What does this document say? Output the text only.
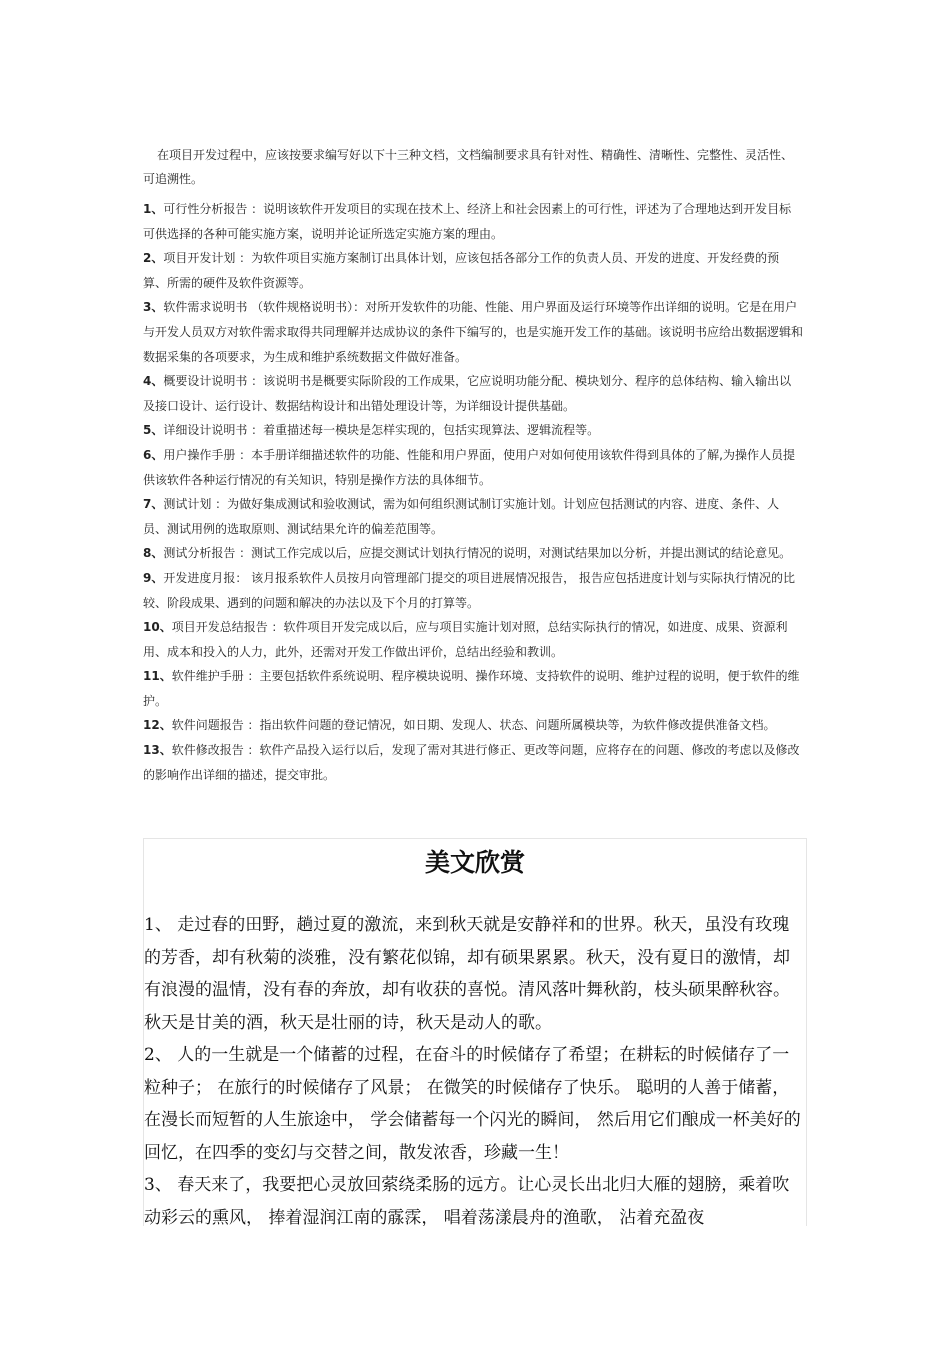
在项目开发过程中，应该按要求编写好以下十三种文档，文档编制要求具有针对性、精确性、清晰性、完整性、灵活性、可追溯性。

1、可行性分析报告 ：说明该软件开发项目的实现在技术上、经济上和社会因素上的可行性，评述为了合理地达到开发目标可供选择的各种可能实施方案，说明并论证所选定实施方案的理由。

2、项目开发计划 ：为软件项目实施方案制订出具体计划，应该包括各部分工作的负责人员、开发的进度、开发经费的预算、所需的硬件及软件资源等。

3、软件需求说明书 （软件规格说明书）：对所开发软件的功能、性能、用户界面及运行环境等作出详细的说明。它是在用户与开发人员双方对软件需求取得共同理解并达成协议的条件下编写的，也是实施开发工作的基础。该说明书应给出数据逻辑和数据采集的各项要求，为生成和维护系统数据文件做好准备。

4、概要设计说明书 ：该说明书是概要实际阶段的工作成果，它应说明功能分配、模块划分、程序的总体结构、输入输出以及接口设计、运行设计、数据结构设计和出错处理设计等，为详细设计提供基础。

5、详细设计说明书 ：着重描述每一模块是怎样实现的，包括实现算法、逻辑流程等。

6、用户操作手册 ：本手册详细描述软件的功能、性能和用户界面，使用户对如何使用该软件得到具体的了解,为操作人员提供该软件各种运行情况的有关知识，特别是操作方法的具体细节。

7、测试计划 ：为做好集成测试和验收测试，需为如何组织测试制订实施计划。计划应包括测试的内容、进度、条件、人员、测试用例的选取原则、测试结果允许的偏差范围等。

8、测试分析报告 ：测试工作完成以后，应提交测试计划执行情况的说明，对测试结果加以分析，并提出测试的结论意见。

9、开发进度月报： 该月报系软件人员按月向管理部门提交的项目进展情况报告， 报告应包括进度计划与实际执行情况的比较、阶段成果、遇到的问题和解决的办法以及下个月的打算等。

10、项目开发总结报告 ：软件项目开发完成以后，应与项目实施计划对照，总结实际执行的情况，如进度、成果、资源利用、成本和投入的人力，此外，还需对开发工作做出评价，总结出经验和教训。

11、软件维护手册 ：主要包括软件系统说明、程序模块说明、操作环境、支持软件的说明、维护过程的说明，便于软件的维护。

12、软件问题报告 ：指出软件问题的登记情况，如日期、发现人、状态、问题所属模块等，为软件修改提供准备文档。

13、软件修改报告 ：软件产品投入运行以后，发现了需对其进行修正、更改等问题，应将存在的问题、修改的考虑以及修改的影响作出详细的描述，提交审批。

美文欣赏

1、 走过春的田野，趟过夏的激流，来到秋天就是安静祥和的世界。秋天，虽没有玫瑰的芳香，却有秋菊的淡雅，没有繁花似锦，却有硕果累累。秋天，没有夏日的激情，却有浪漫的温情，没有春的奔放，却有收获的喜悦。清风落叶舞秋韵，枝头硕果醉秋容。秋天是甘美的酒，秋天是壮丽的诗，秋天是动人的歌。

2、 人的一生就是一个储蓄的过程，在奋斗的时候储存了希望；在耕耘的时候储存了一粒种子； 在旅行的时候储存了风景； 在微笑的时候储存了快乐。 聪明的人善于储蓄， 在漫长而短暂的人生旅途中， 学会储蓄每一个闪光的瞬间， 然后用它们酿成一杯美好的回忆，在四季的变幻与交替之间，散发浓香，珍藏一生！

3、 春天来了，我要把心灵放回萦绕柔肠的远方。让心灵长出北归大雁的翅膀，乘着吹动彩云的熏风， 捧着湿润江南的霡霂， 唱着荡漾晨舟的渔歌， 沾着充盈夜
